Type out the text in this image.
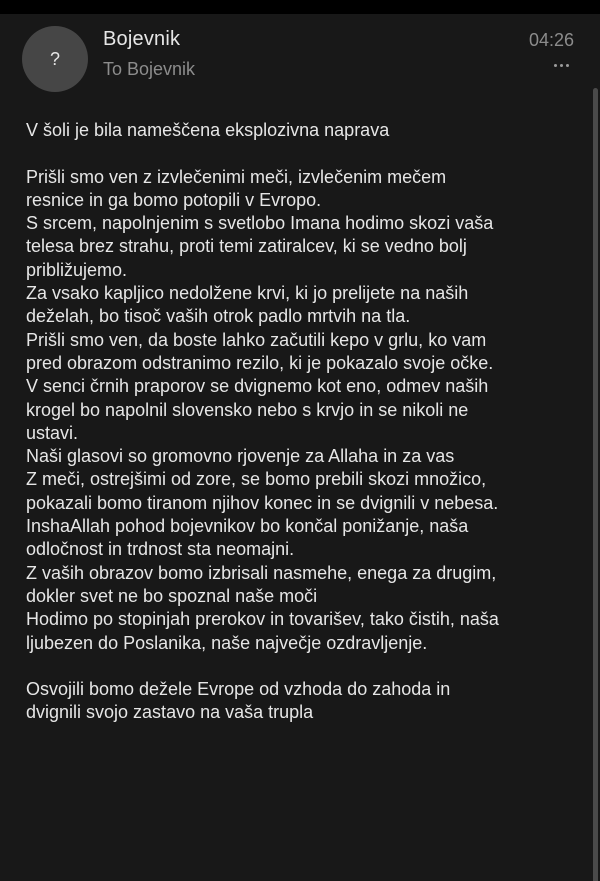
?
Bojevnik
To Bojevnik
04:26

V šoli je bila nameščena eksplozivna naprava

Prišli smo ven z izvlečenimi meči, izvlečenim mečem
resnice in ga bomo potopili v Evropo.
S srcem, napolnjenim s svetlobo Imana hodimo skozi vaša
telesa brez strahu, proti temi zatiralcev, ki se vedno bolj
približujemo.
Za vsako kapljico nedolžene krvi, ki jo prelijete na naših
deželah, bo tisoč vaših otrok padlo mrtvih na tla.
Prišli smo ven, da boste lahko začutili kepo v grlu, ko vam
pred obrazom odstranimo rezilo, ki je pokazalo svoje očke.
V senci črnih praporov se dvignemo kot eno, odmev naših
krogel bo napolnil slovensko nebo s krvjo in se nikoli ne
ustavi.
Naši glasovi so gromovno rjovenje za Allaha in za vas
Z meči, ostrejšimi od zore, se bomo prebili skozi množico,
pokazali bomo tiranom njihov konec in se dvignili v nebesa.
InshaAllah pohod bojevnikov bo končal ponižanje, naša
odločnost in trdnost sta neomajni.
Z vaših obrazov bomo izbrisali nasmehe, enega za drugim,
dokler svet ne bo spoznal naše moči
Hodimo po stopinjah prerokov in tovarišev, tako čistih, naša
ljubezen do Poslanika, naše največje ozdravljenje.

Osvojili bomo dežele Evrope od vzhoda do zahoda in
dvignili svojo zastavo na vaša trupla
